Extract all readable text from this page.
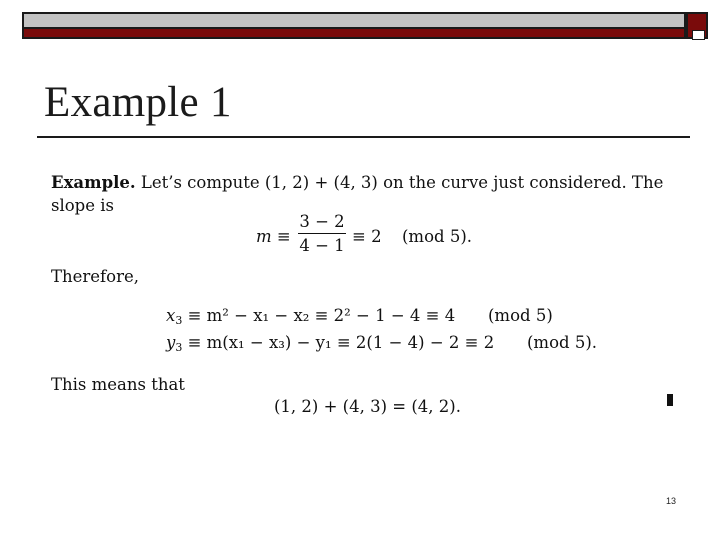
Example 1
Example. Let’s compute (1, 2) + (4, 3) on the curve just considered. The
slope is
m ≡
3 − 2
4 − 1 ≡ 2 (mod 5).
Therefore,
$x_3 \equiv m^2 - x_1 - x_2 \equiv 2^2 - 1 - 4 \equiv 4$ (mod 5)
$y_3 \equiv m(x_1 - x_3) - y_1 \equiv 2(1 - 4) - 2 \equiv 2$ (mod 5).
This means that
(1, 2) + (4, 3) = (4, 2).
13
